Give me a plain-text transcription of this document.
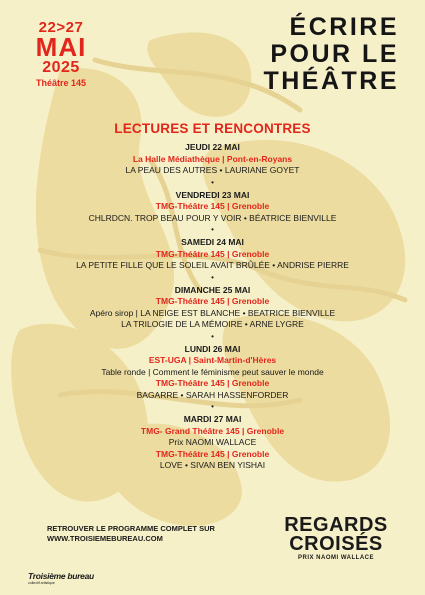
22>27
MAI
2025
Théâtre 145
ÉCRIRE
POUR LE
THÉÂTRE
LECTURES ET RENCONTRES
JEUDI 22 MAI
La Halle Médiathèque | Pont-en-Royans
LA PEAU DES AUTRES • LAURIANE GOYET
•
VENDREDI 23 MAI
TMG-Théâtre 145 | Grenoble
CHLRDCN. TROP BEAU POUR Y VOIR • BÉATRICE BIENVILLE
•
SAMEDI 24 MAI
TMG-Théâtre 145 | Grenoble
LA PETITE FILLE QUE LE SOLEIL AVAIT BRÛLÉE • ANDRISE PIERRE
•
DIMANCHE 25 MAI
TMG-Théâtre 145 | Grenoble
Apéro sirop | LA NEIGE EST BLANCHE • BEATRICE BIENVILLE
LA TRILOGIE DE LA MÉMOIRE • ARNE LYGRE
•
LUNDI 26 MAI
EST-UGA | Saint-Martin-d'Hères
Table ronde | Comment le féminisme peut sauver le monde
TMG-Théâtre 145 | Grenoble
BAGARRE • SARAH HASSENFORDER
•
MARDI 27 MAI
TMG- Grand Théâtre 145 | Grenoble
Prix NAOMI WALLACE
TMG-Théâtre 145 | Grenoble
LOVE • SIVAN BEN YISHAI
RETROUVER LE PROGRAMME COMPLET SUR
WWW.TROISIEMEBUREAU.COM
Troisième bureau
collectif artistique
REGARDS
CROISÉS
PRIX NAOMI WALLACE
